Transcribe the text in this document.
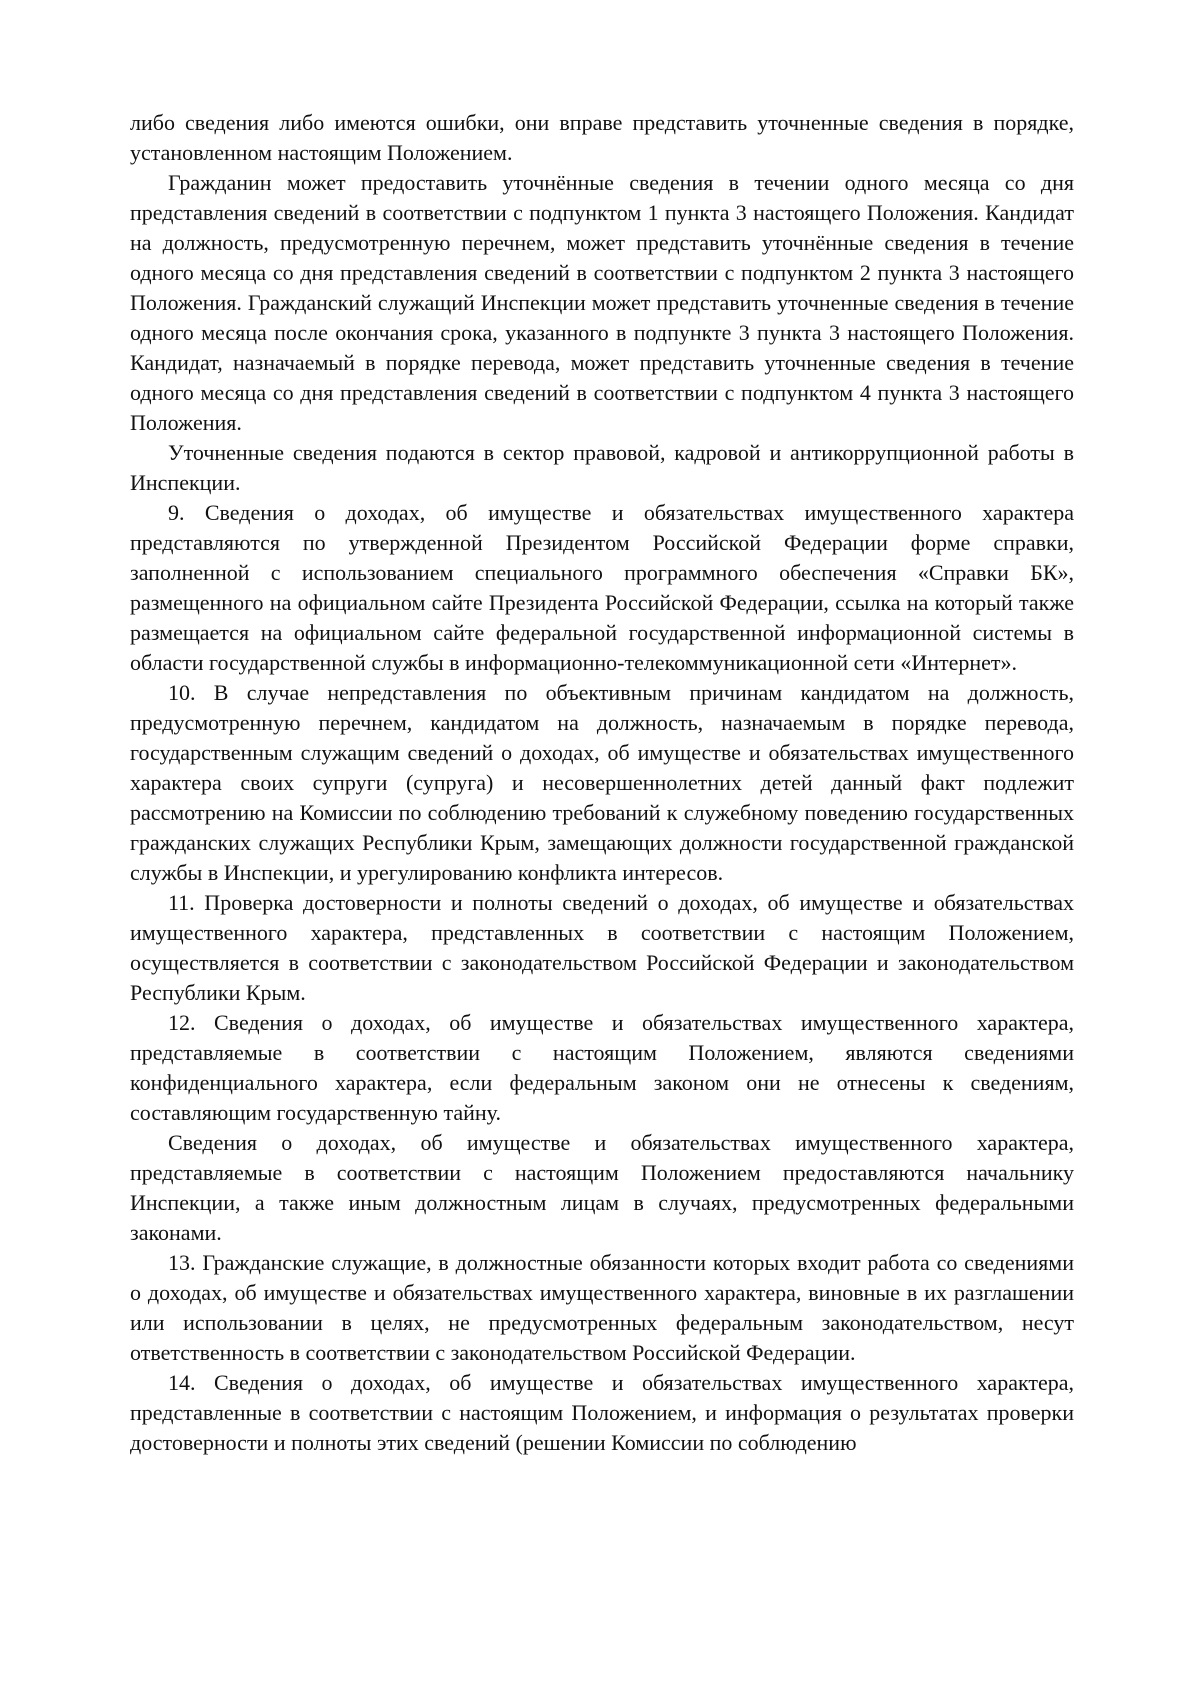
либо сведения либо имеются ошибки, они вправе представить уточненные сведения в порядке, установленном настоящим Положением.

Гражданин может предоставить уточнённые сведения в течении одного месяца со дня представления сведений в соответствии с подпунктом 1 пункта 3 настоящего Положения. Кандидат на должность, предусмотренную перечнем, может представить уточнённые сведения в течение одного месяца со дня представления сведений в соответствии с подпунктом 2 пункта 3 настоящего Положения. Гражданский служащий Инспекции может представить уточненные сведения в течение одного месяца после окончания срока, указанного в подпункте 3 пункта 3 настоящего Положения. Кандидат, назначаемый в порядке перевода, может представить уточненные сведения в течение одного месяца со дня представления сведений в соответствии с подпунктом 4 пункта 3 настоящего Положения.

Уточненные сведения подаются в сектор правовой, кадровой и антикоррупционной работы в Инспекции.

9. Сведения о доходах, об имуществе и обязательствах имущественного характера представляются по утвержденной Президентом Российской Федерации форме справки, заполненной с использованием специального программного обеспечения «Справки БК», размещенного на официальном сайте Президента Российской Федерации, ссылка на который также размещается на официальном сайте федеральной государственной информационной системы в области государственной службы в информационно-телекоммуникационной сети «Интернет».

10. В случае непредставления по объективным причинам кандидатом на должность, предусмотренную перечнем, кандидатом на должность, назначаемым в порядке перевода, государственным служащим сведений о доходах, об имуществе и обязательствах имущественного характера своих супруги (супруга) и несовершеннолетних детей данный факт подлежит рассмотрению на Комиссии по соблюдению требований к служебному поведению государственных гражданских служащих Республики Крым, замещающих должности государственной гражданской службы в Инспекции, и урегулированию конфликта интересов.

11. Проверка достоверности и полноты сведений о доходах, об имуществе и обязательствах имущественного характера, представленных в соответствии с настоящим Положением, осуществляется в соответствии с законодательством Российской Федерации и законодательством Республики Крым.

12. Сведения о доходах, об имуществе и обязательствах имущественного характера, представляемые в соответствии с настоящим Положением, являются сведениями конфиденциального характера, если федеральным законом они не отнесены к сведениям, составляющим государственную тайну.

Сведения о доходах, об имуществе и обязательствах имущественного характера, представляемые в соответствии с настоящим Положением предоставляются начальнику Инспекции, а также иным должностным лицам в случаях, предусмотренных федеральными законами.

13. Гражданские служащие, в должностные обязанности которых входит работа со сведениями о доходах, об имуществе и обязательствах имущественного характера, виновные в их разглашении или использовании в целях, не предусмотренных федеральным законодательством, несут ответственность в соответствии с законодательством Российской Федерации.

14. Сведения о доходах, об имуществе и обязательствах имущественного характера, представленные в соответствии с настоящим Положением, и информация о результатах проверки достоверности и полноты этих сведений (решении Комиссии по соблюдению
